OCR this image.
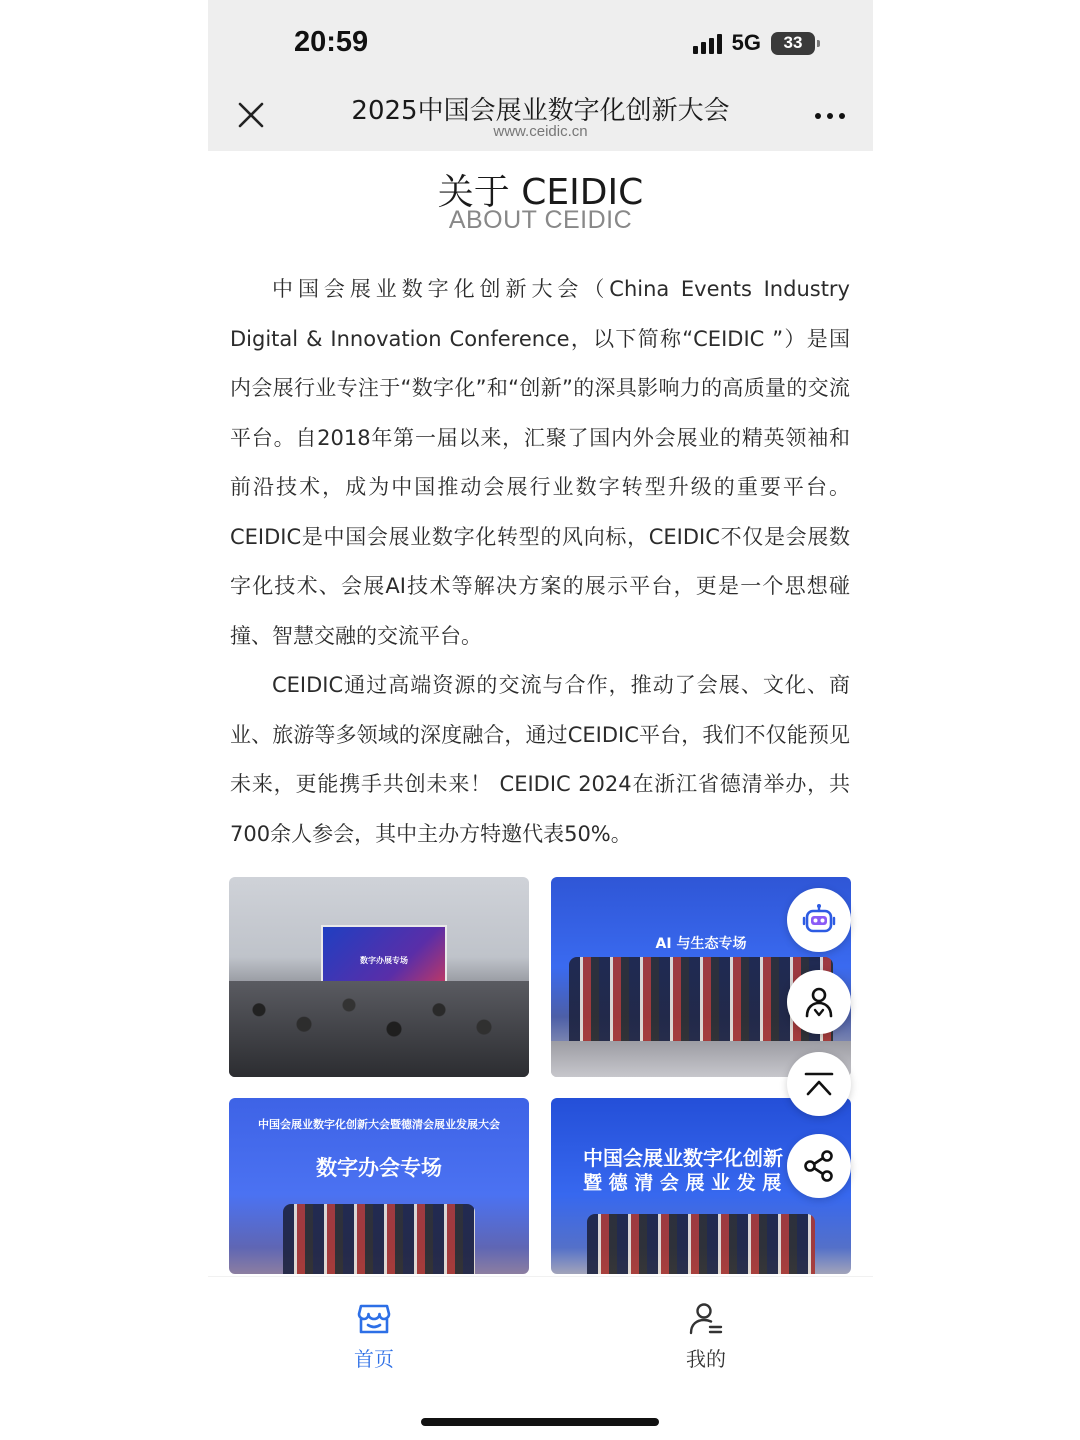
20:59	5G 33
2025中国会展业数字化创新大会
www.ceidic.cn
关于 CEIDIC
ABOUT CEIDIC

中国会展业数字化创新大会（China Events Industry Digital & Innovation Conference，以下简称“CEIDIC ”）是国内会展行业专注于“数字化”和“创新”的深具影响力的高质量的交流平台。自2018年第一届以来，汇聚了国内外会展业的精英领袖和前沿技术，成为中国推动会展行业数字转型升级的重要平台。CEIDIC是中国会展业数字化转型的风向标，CEIDIC不仅是会展数字化技术、会展AI技术等解决方案的展示平台，更是一个思想碰撞、智慧交融的交流平台。

CEIDIC通过高端资源的交流与合作，推动了会展、文化、商业、旅游等多领域的深度融合，通过CEIDIC平台，我们不仅能预见未来，更能携手共创未来！ CEIDIC 2024在浙江省德清举办，共700余人参会，其中主办方特邀代表50%。

数字办展专场
AI 与生态专场
中国会展业数字化创新大会暨德清会展业发展大会
数字办会专场	中国会展业数字化创新
暨 德 清 会 展 业 发 展
首页	我的
